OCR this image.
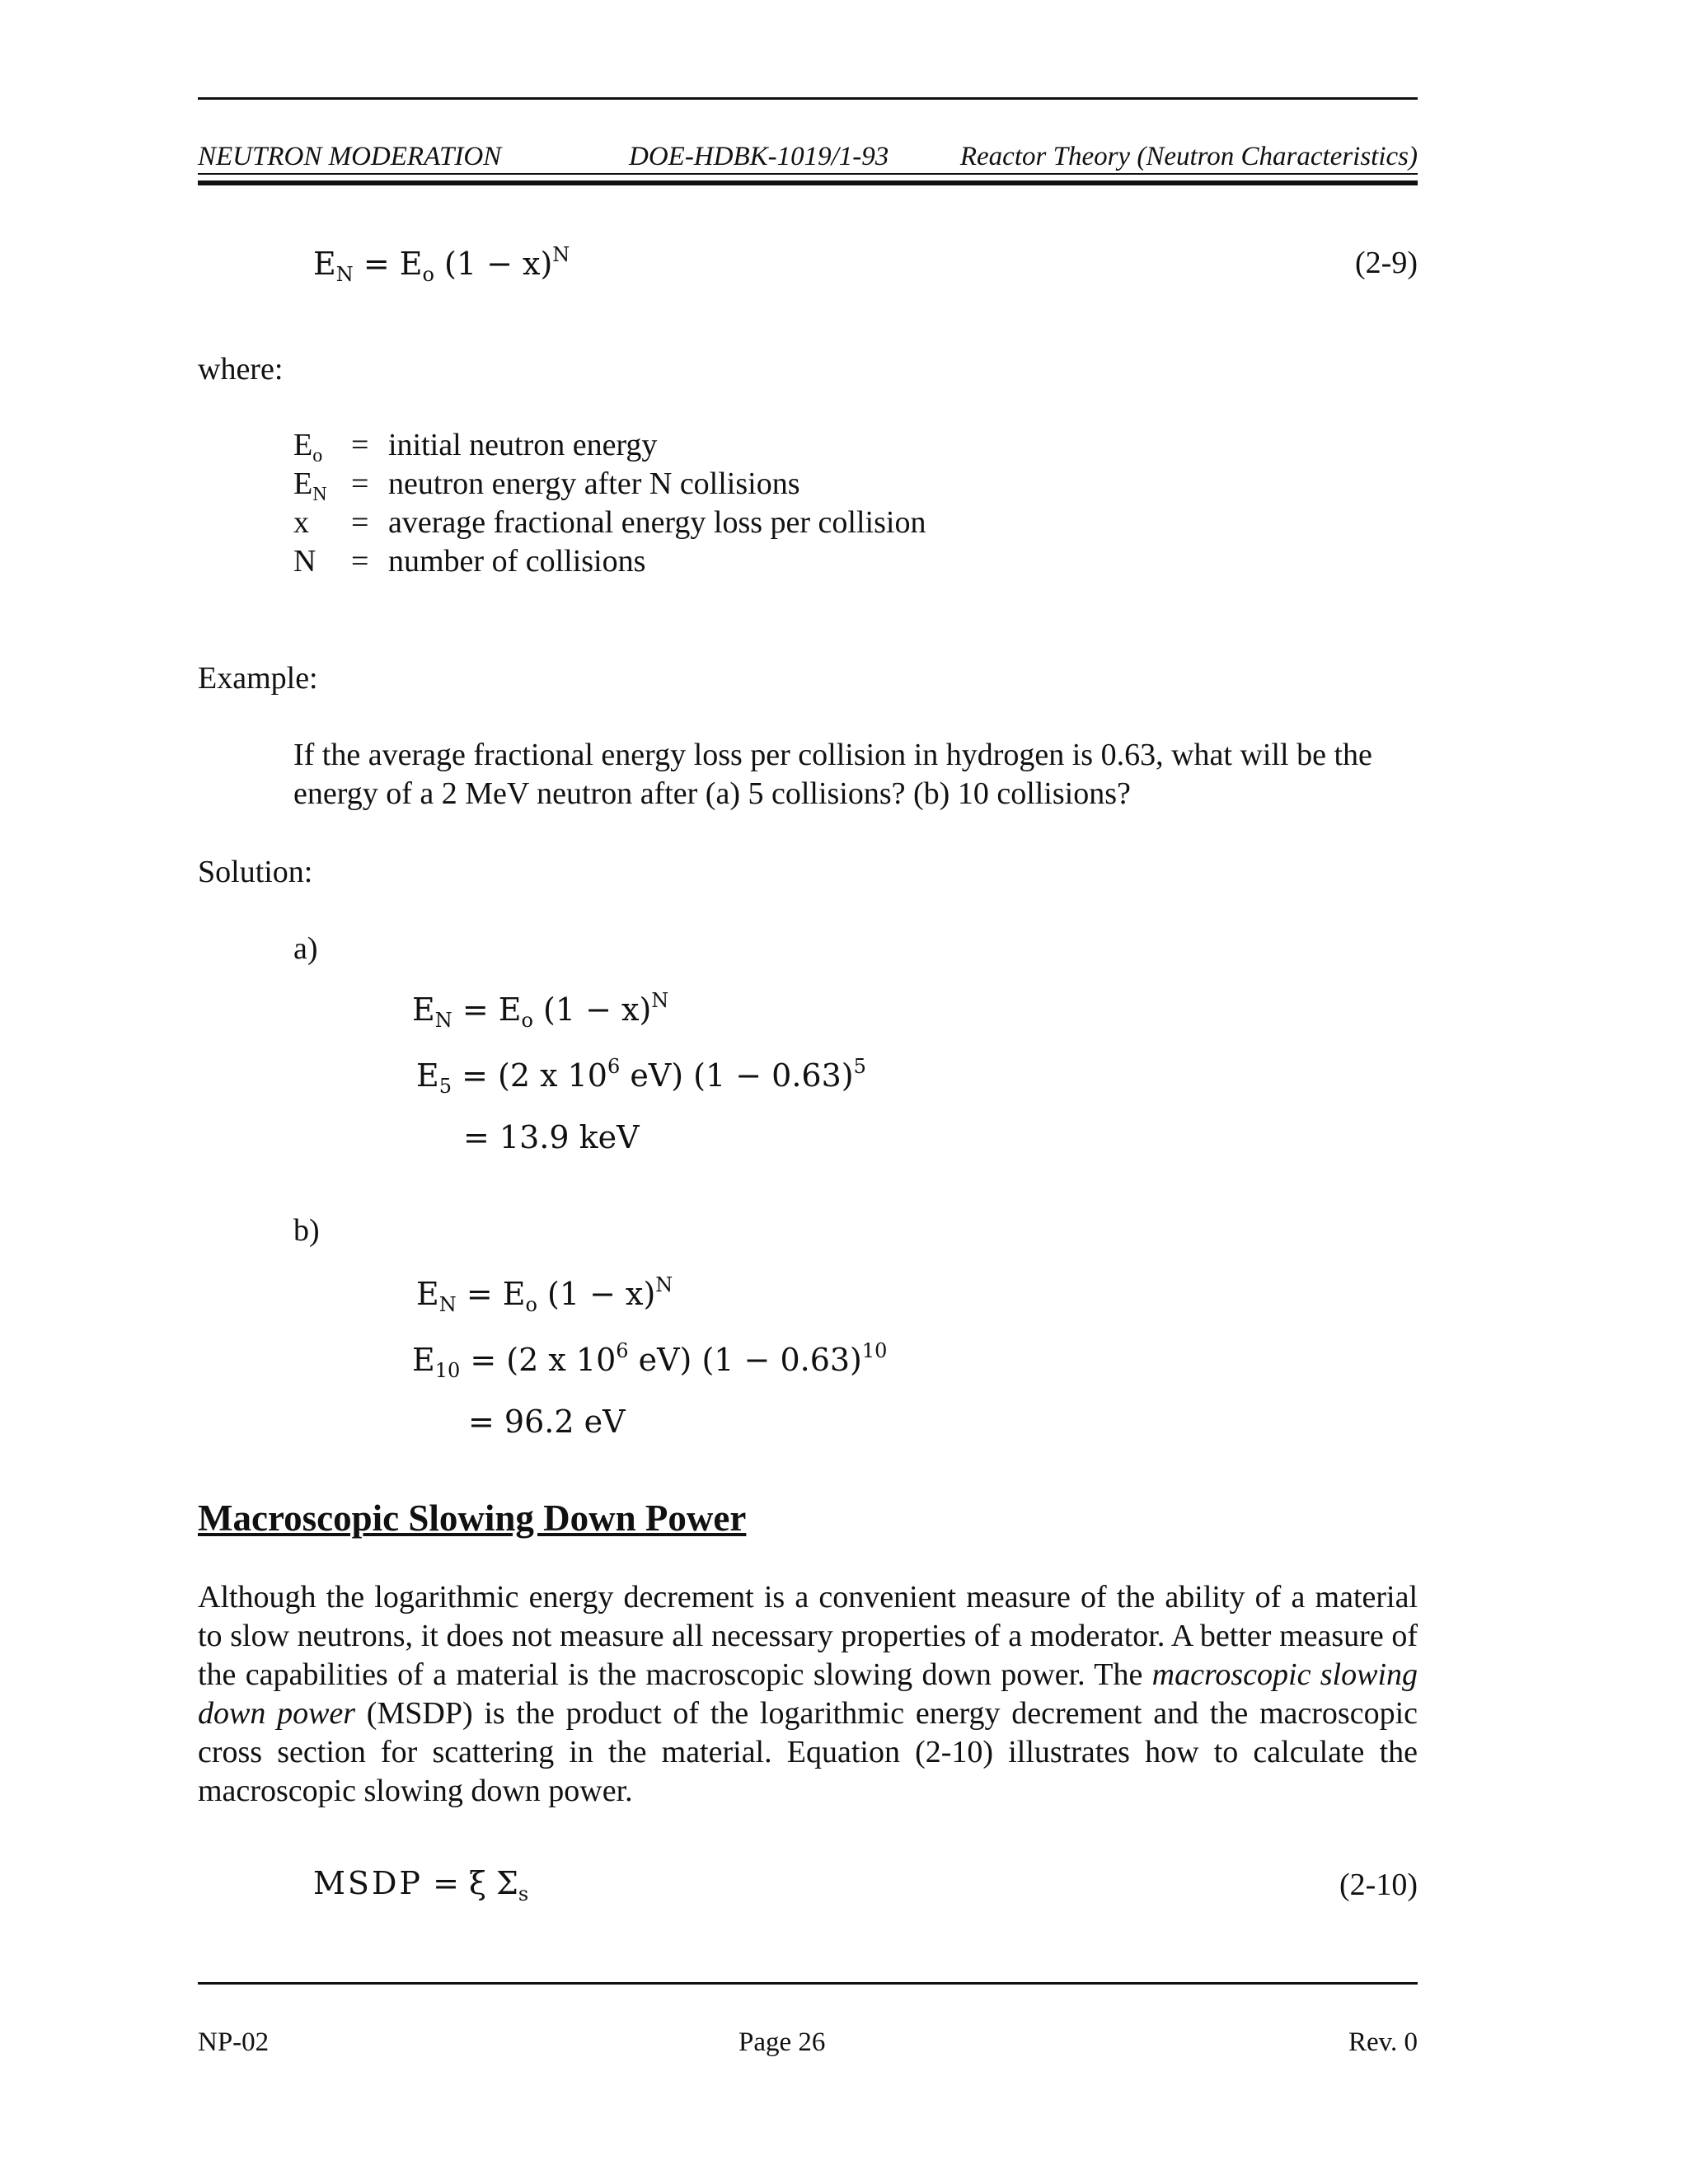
NEUTRON MODERATION	DOE-HDBK-1019/1-93	Reactor Theory (Neutron Characteristics)
$E_N = E_o$ $(1 - x)^N$	(2-9)
where:
$E_o$ = initial neutron energy
$E_N$ = neutron energy after N collisions
x	= average fractional energy loss per collision
N	= number of collisions
Example:
If the average fractional energy loss per collision in hydrogen is 0.63, what will be the energy of a 2 MeV neutron after (a) 5 collisions? (b) 10 collisions?
Solution:
a)
$E_N = E_o$ $(1 - x)^N$
$E_5 = (2$ x $10^6$ eV) $(1 - 0.63)^5$
= 13.9 keV
b)
$E_N = E_o$ $(1 - x)^N$
$E_{10} = (2$ x $10^6$ eV) $(1 - 0.63)^{10}$
= 96.2 eV
Macroscopic Slowing Down Power
Although the logarithmic energy decrement is a convenient measure of the ability of a material to slow neutrons, it does not measure all necessary properties of a moderator. A better measure of the capabilities of a material is the macroscopic slowing down power. The macroscopic slowing down power (MSDP) is the product of the logarithmic energy decrement and the macroscopic cross section for scattering in the material. Equation (2-10) illustrates how to calculate the macroscopic slowing down power.
MSDP = ξ $\Sigma_s$	(2-10)
NP-02	Page 26	Rev. 0
